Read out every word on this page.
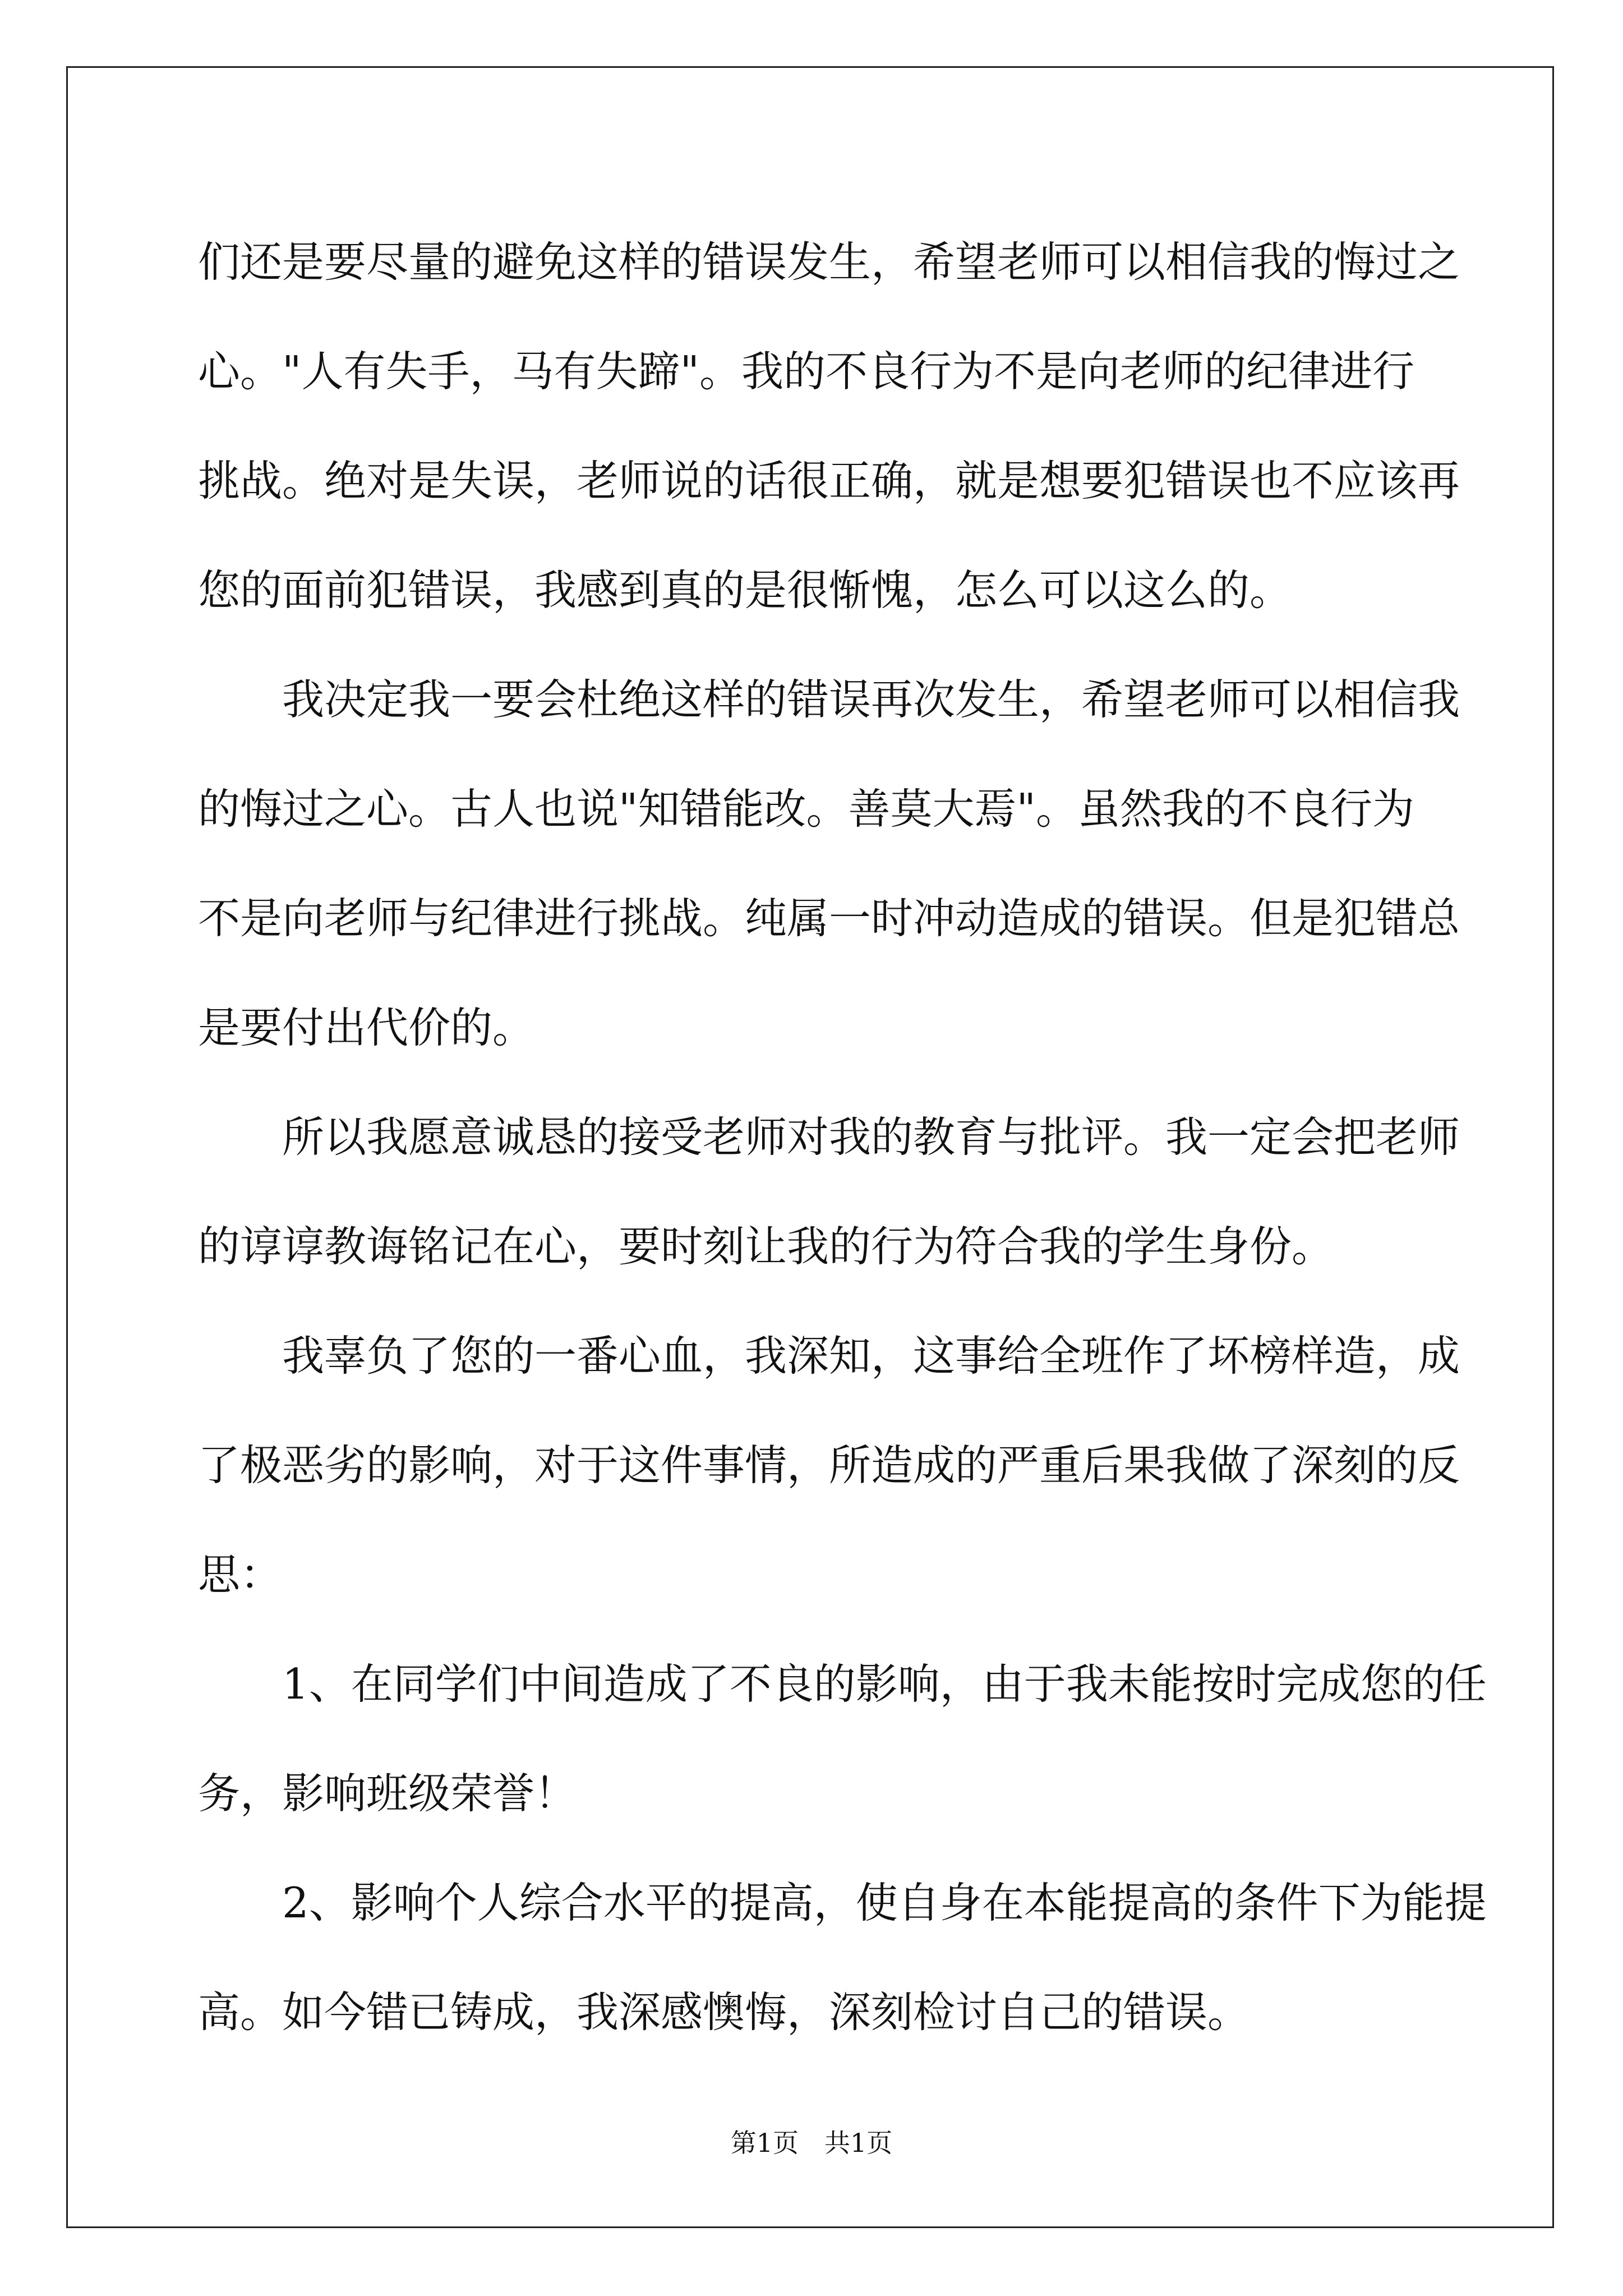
们还是要尽量的避免这样的错误发生，希望老师可以相信我的悔过之
心。"人有失手，马有失蹄"。我的不良行为不是向老师的纪律进行
挑战。绝对是失误，老师说的话很正确，就是想要犯错误也不应该再
您的面前犯错误，我感到真的是很惭愧，怎么可以这么的。
我决定我一要会杜绝这样的错误再次发生，希望老师可以相信我
的悔过之心。古人也说"知错能改。善莫大焉"。虽然我的不良行为
不是向老师与纪律进行挑战。纯属一时冲动造成的错误。但是犯错总
是要付出代价的。
所以我愿意诚恳的接受老师对我的教育与批评。我一定会把老师
的谆谆教诲铭记在心，要时刻让我的行为符合我的学生身份。
我辜负了您的一番心血，我深知，这事给全班作了坏榜样造，成
了极恶劣的影响，对于这件事情，所造成的严重后果我做了深刻的反
思：
1、在同学们中间造成了不良的影响，由于我未能按时完成您的任
务，影响班级荣誉！
2、影响个人综合水平的提高，使自身在本能提高的条件下为能提
高。如今错已铸成，我深感懊悔，深刻检讨自己的错误。
第1页　共1页
